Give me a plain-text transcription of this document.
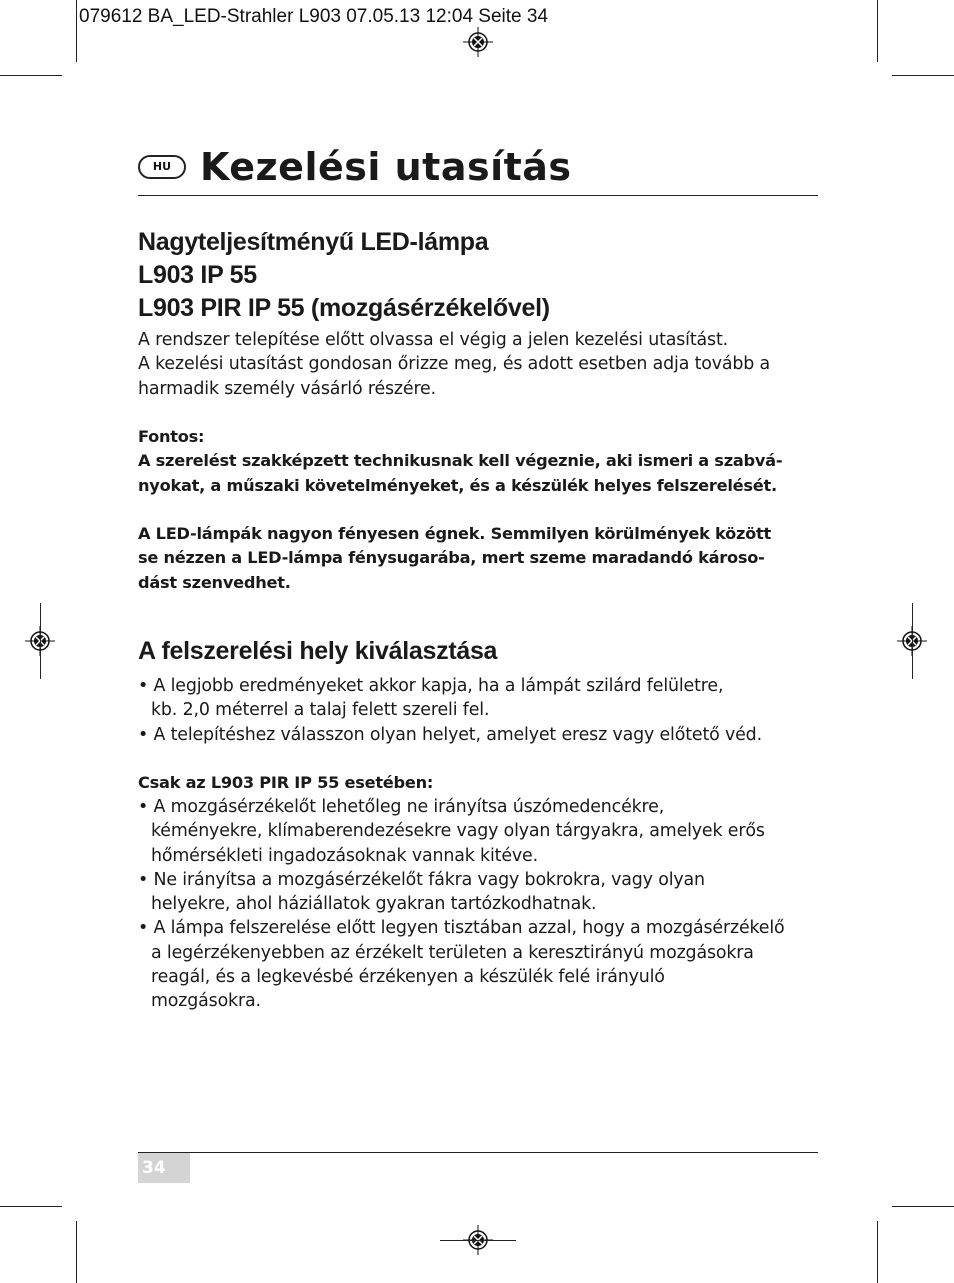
079612 BA_LED-Strahler L903 07.05.13 12:04 Seite 34
HU Kezelési utasítás
Nagyteljesítményű LED-lámpa
L903 IP 55
L903 PIR IP 55 (mozgásérzékelővel)
A rendszer telepítése előtt olvassa el végig a jelen kezelési utasítást.
A kezelési utasítást gondosan őrizze meg, és adott esetben adja tovább a
harmadik személy vásárló részére.
Fontos:
A szerelést szakképzett technikusnak kell végeznie, aki ismeri a szabvá-
nyokat, a műszaki követelményeket, és a készülék helyes felszerelését.
A LED-lámpák nagyon fényesen égnek. Semmilyen körülmények között
se nézzen a LED-lámpa fénysugarába, mert szeme maradandó károso-
dást szenvedhet.
A felszerelési hely kiválasztása
• A legjobb eredményeket akkor kapja, ha a lámpát szilárd felületre,
kb. 2,0 méterrel a talaj felett szereli fel.
• A telepítéshez válasszon olyan helyet, amelyet eresz vagy előtető véd.
Csak az L903 PIR IP 55 esetében:
• A mozgásérzékelőt lehetőleg ne irányítsa úszómedencékre,
kéményekre, klímaberendezésekre vagy olyan tárgyakra, amelyek erős
hőmérsékleti ingadozásoknak vannak kitéve.
• Ne irányítsa a mozgásérzékelőt fákra vagy bokrokra, vagy olyan
helyekre, ahol háziállatok gyakran tartózkodhatnak.
• A lámpa felszerelése előtt legyen tisztában azzal, hogy a mozgásérzékelő
a legérzékenyebben az érzékelt területen a keresztirányú mozgásokra
reagál, és a legkevésbé érzékenyen a készülék felé irányuló
mozgásokra.
34
